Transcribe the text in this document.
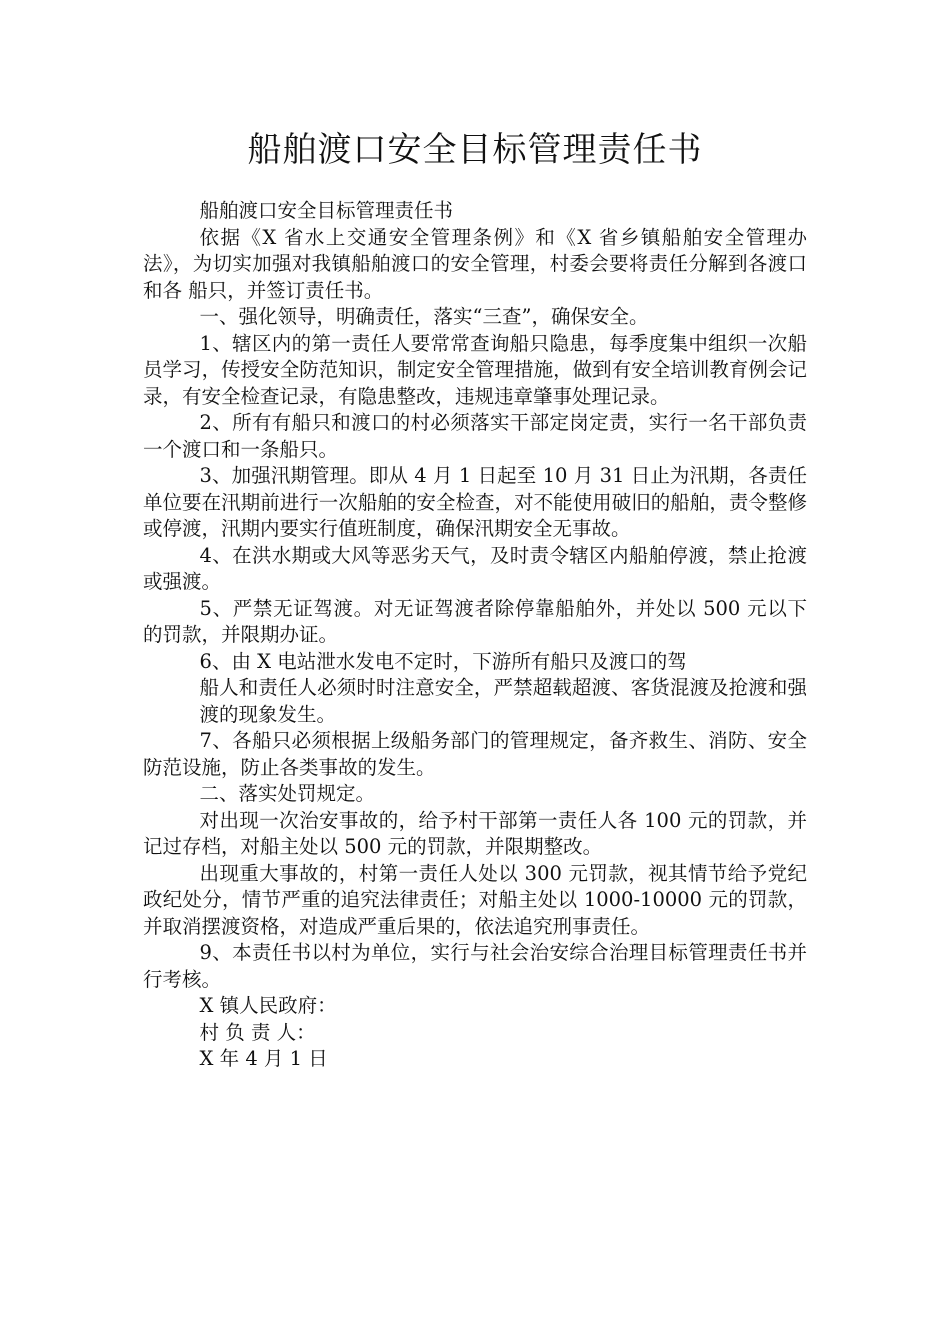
船舶渡口安全目标管理责任书

船舶渡口安全目标管理责任书

依据《X 省水上交通安全管理条例》和《X 省乡镇船舶安全管理办法》，为切实加强对我镇船舶渡口的安全管理，村委会要将责任分解到各渡口和各 船只，并签订责任书。

一、强化领导，明确责任，落实“三查”，确保安全。

1、辖区内的第一责任人要常常查询船只隐患，每季度集中组织一次船员学习，传授安全防范知识，制定安全管理措施，做到有安全培训教育例会记录，有安全检查记录，有隐患整改，违规违章肇事处理记录。

2、所有有船只和渡口的村必须落实干部定岗定责，实行一名干部负责一个渡口和一条船只。

3、加强汛期管理。即从 4 月 1 日起至 10 月 31 日止为汛期，各责任单位要在汛期前进行一次船舶的安全检查，对不能使用破旧的船舶，责令整修或停渡，汛期内要实行值班制度，确保汛期安全无事故。

4、在洪水期或大风等恶劣天气，及时责令辖区内船舶停渡，禁止抢渡或强渡。

5、严禁无证驾渡。对无证驾渡者除停靠船舶外，并处以 500 元以下的罚款，并限期办证。

6、由 X 电站泄水发电不定时，下游所有船只及渡口的驾

船人和责任人必须时时注意安全，严禁超载超渡、客货混渡及抢渡和强渡的现象发生。

7、各船只必须根据上级船务部门的管理规定，备齐救生、消防、安全防范设施，防止各类事故的发生。

二、落实处罚规定。

对出现一次治安事故的，给予村干部第一责任人各 100 元的罚款，并记过存档，对船主处以 500 元的罚款，并限期整改。

出现重大事故的，村第一责任人处以 300 元罚款，视其情节给予党纪政纪处分，情节严重的追究法律责任；对船主处以 1000-10000 元的罚款，并取消摆渡资格，对造成严重后果的，依法追究刑事责任。

9、本责任书以村为单位，实行与社会治安综合治理目标管理责任书并行考核。

X 镇人民政府：

村 负 责 人：

X 年 4 月 1 日
